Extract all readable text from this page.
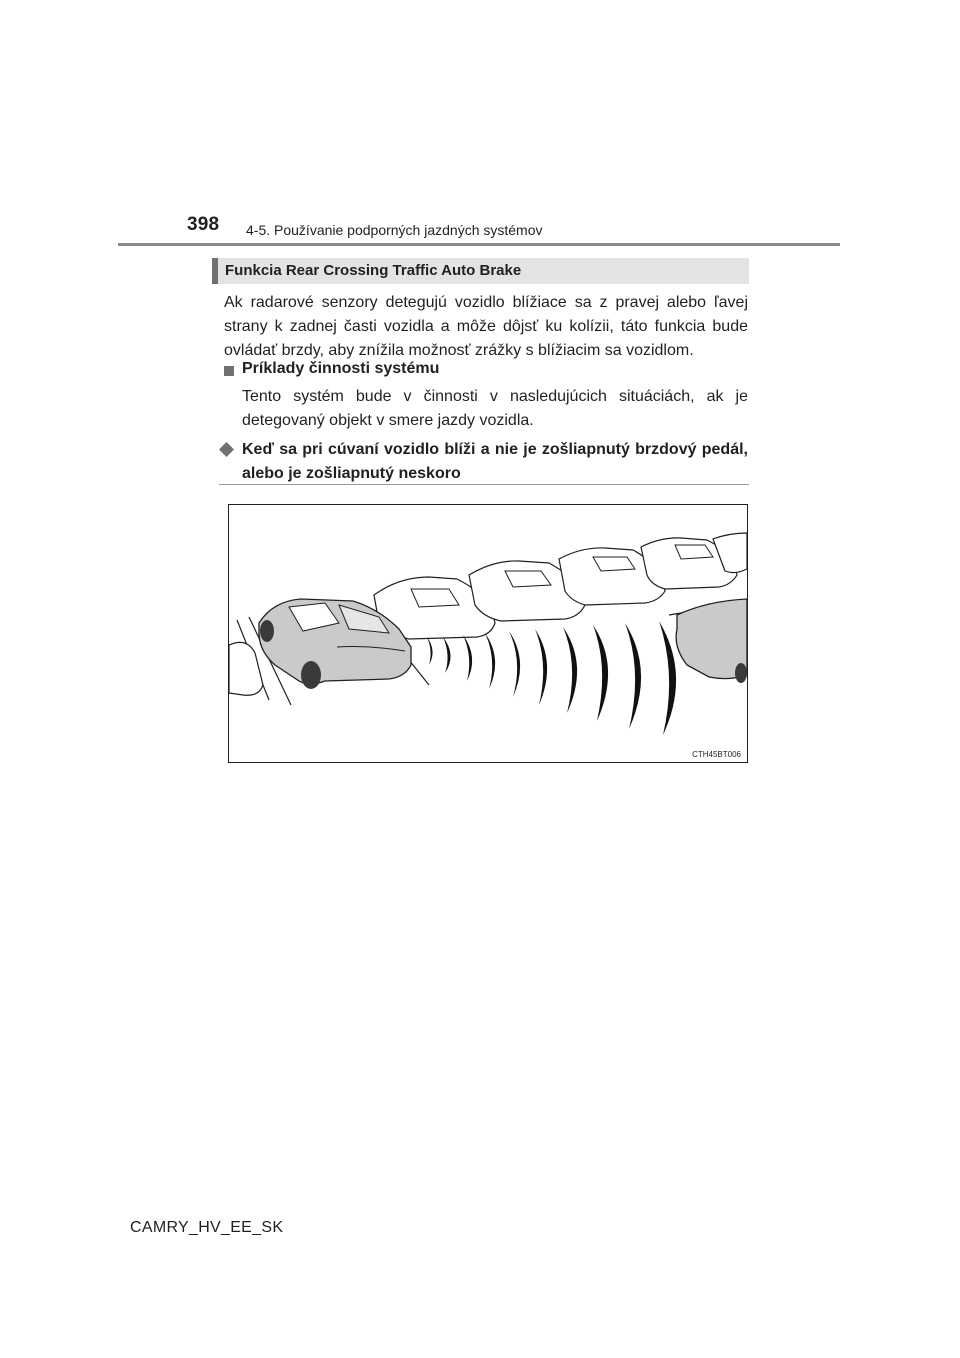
398 4-5. Používanie podporných jazdných systémov
Funkcia Rear Crossing Traffic Auto Brake
Ak radarové senzory detegujú vozidlo blížiace sa z pravej alebo ľavej strany k zadnej časti vozidla a môže dôjsť ku kolízii, táto funkcia bude ovládať brzdy, aby znížila možnosť zrážky s blížiacim sa vozidlom.
Príklady činnosti systému
Tento systém bude v činnosti v nasledujúcich situáciách, ak je detegovaný objekt v smere jazdy vozidla.
Keď sa pri cúvaní vozidlo blíži a nie je zošliapnutý brzdový pedál, alebo je zošliapnutý neskoro
CTH45BT006
CAMRY_HV_EE_SK
